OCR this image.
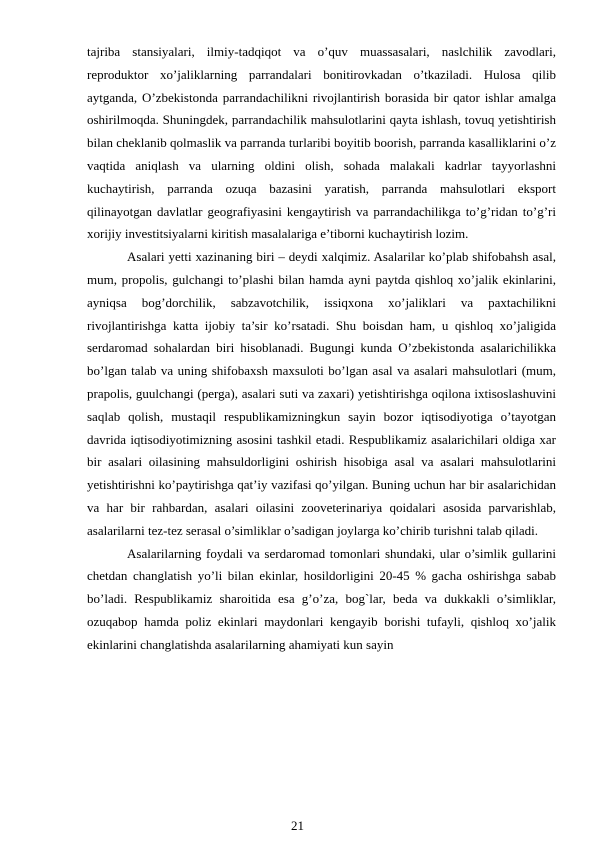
tajriba stansiyalari, ilmiy-tadqiqot va o’quv muassasalari, naslchilik zavodlari, reproduktor xo’jaliklarning parrandalari bonitirovkadan o’tkaziladi. Hulosa qilib aytganda, O’zbekistonda parrandachilikni rivojlantirish borasida bir qator ishlar amalga oshirilmoqda. Shuningdek, parrandachilik mahsulotlarini qayta ishlash, tovuq yetishtirish bilan cheklanib qolmaslik va parranda turlaribi boyitib boorish, parranda kasalliklarini o’z vaqtida aniqlash va ularning oldini olish, sohada malakali kadrlar tayyorlashni kuchaytirish, parranda ozuqa bazasini yaratish, parranda mahsulotlari eksport qilinayotgan davlatlar geografiyasini kengaytirish va parrandachilikga to’g’ridan to’g’ri xorijiy investitsiyalarni kiritish masalalariga e’tiborni kuchaytirish lozim.

Asalari yetti xazinaning biri – deydi xalqimiz. Asalarilar ko’plab shifobahsh asal, mum, propolis, gulchangi to’plashi bilan hamda ayni paytda qishloq xo’jalik ekinlarini, ayniqsa bog’dorchilik, sabzavotchilik, issiqxona xo’jaliklari va paxtachilikni rivojlantirishga katta ijobiy ta’sir ko’rsatadi. Shu boisdan ham, u qishloq xo’jaligida serdaromad sohalardan biri hisoblanadi. Bugungi kunda O’zbekistonda asalarichilikka bo’lgan talab va uning shifobaxsh maxsuloti bo’lgan asal va asalari mahsulotlari (mum, prapolis, guulchangi (perga), asalari suti va zaxari) yetishtirishga oqilona ixtisoslashuvini saqlab qolish, mustaqil respublikamizningkun sayin bozor iqtisodiyotiga o’tayotgan davrida iqtisodiyotimizning asosini tashkil etadi. Respublikamiz asalarichilari oldiga xar bir asalari oilasining mahsuldorligini oshirish hisobiga asal va asalari mahsulotlarini yetishtirishni ko’paytirishga qat’iy vazifasi qo’yilgan. Buning uchun har bir asalarichidan va har bir rahbardan, asalari oilasini zooveterinariya qoidalari asosida parvarishlab, asalarilarni tez-tez serasal o’simliklar o’sadigan joylarga ko’chirib turishni talab qiladi.

Asalarilarning foydali va serdaromad tomonlari shundaki, ular o’simlik gullarini chetdan changlatish yo’li bilan ekinlar, hosildorligini 20-45 % gacha oshirishga sabab bo’ladi. Respublikamiz sharoitida esa g’o’za, bog`lar, beda va dukkakli o’simliklar, ozuqabop hamda poliz ekinlari maydonlari kengayib borishi tufayli, qishloq xo’jalik ekinlarini changlatishda asalarilarning ahamiyati kun sayin

21
